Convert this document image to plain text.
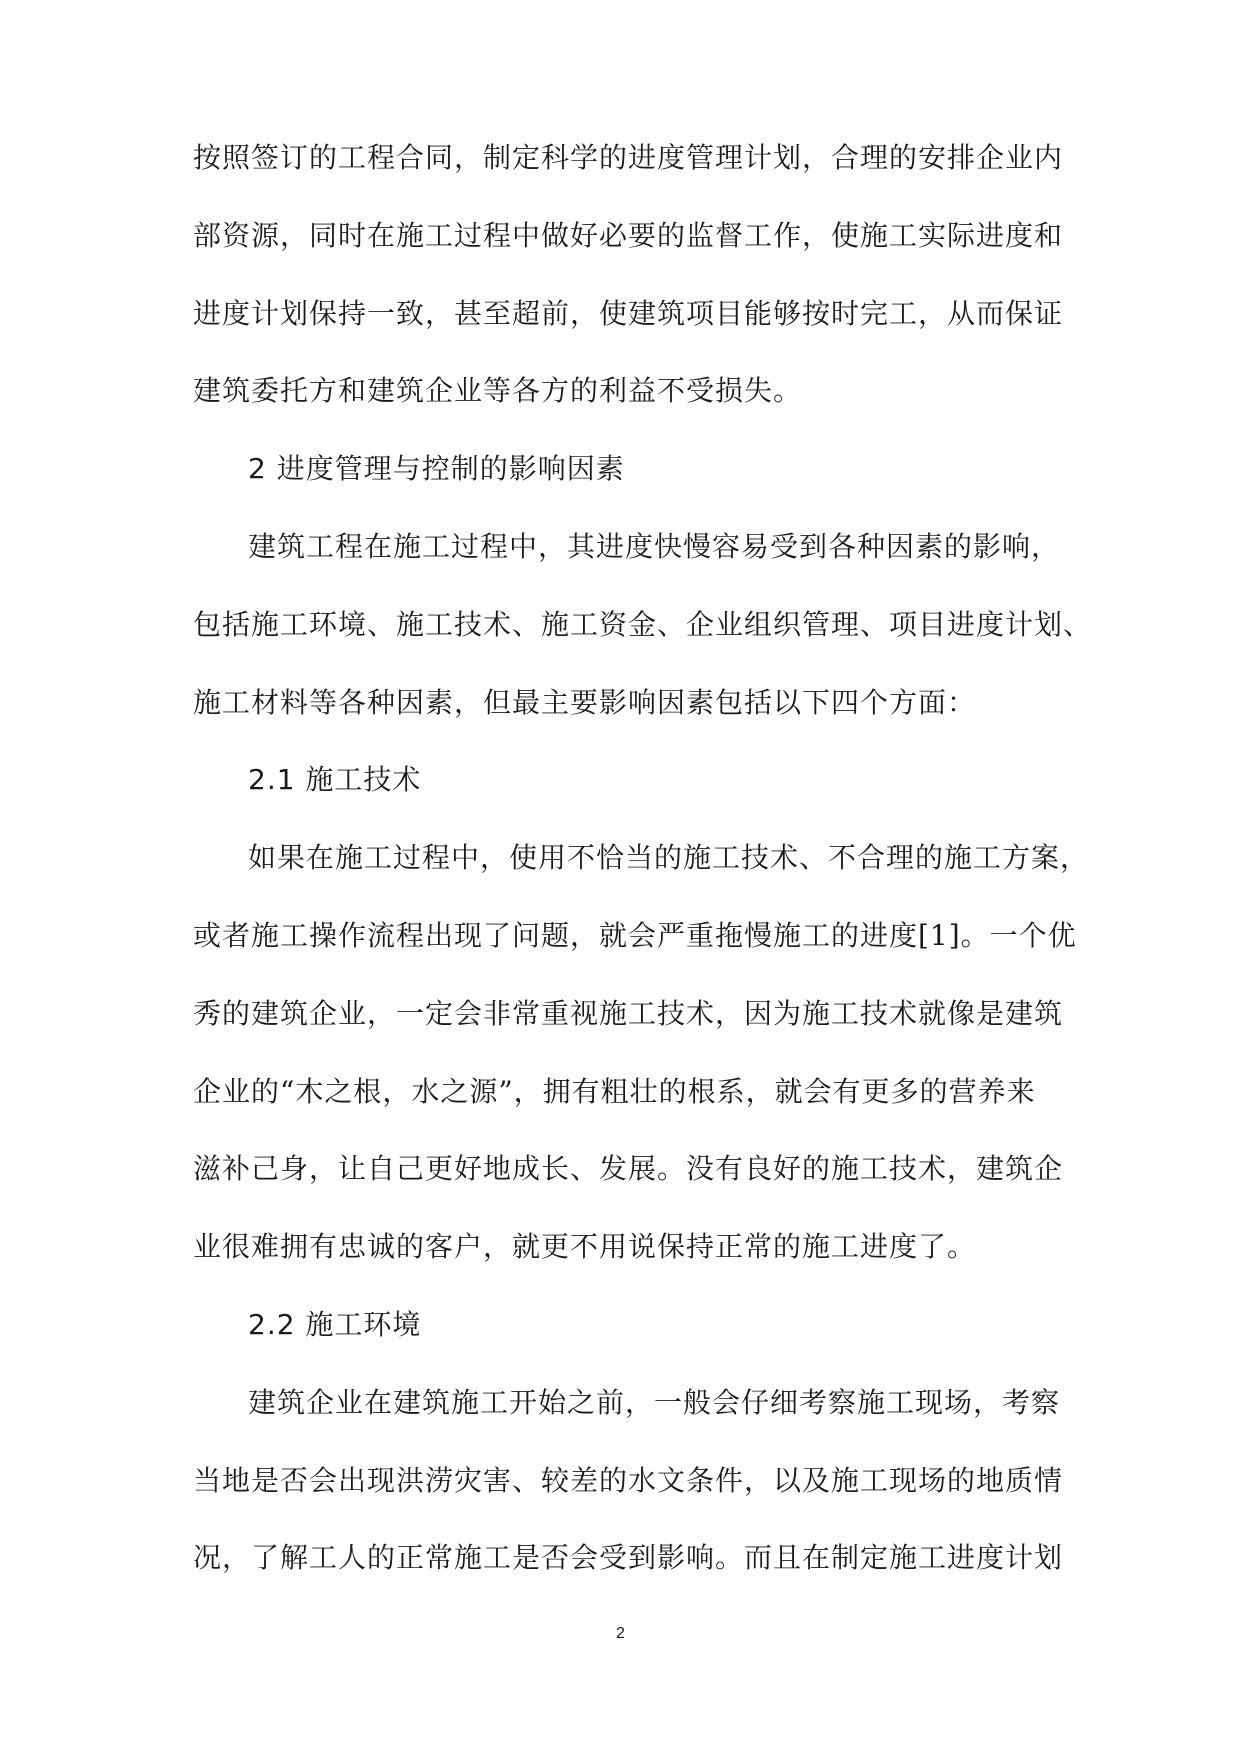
按照签订的工程合同，制定科学的进度管理计划，合理的安排企业内
部资源，同时在施工过程中做好必要的监督工作，使施工实际进度和
进度计划保持一致，甚至超前，使建筑项目能够按时完工，从而保证
建筑委托方和建筑企业等各方的利益不受损失。
2 进度管理与控制的影响因素
建筑工程在施工过程中，其进度快慢容易受到各种因素的影响，
包括施工环境、施工技术、施工资金、企业组织管理、项目进度计划、
施工材料等各种因素，但最主要影响因素包括以下四个方面：
2.1 施工技术
如果在施工过程中，使用不恰当的施工技术、不合理的施工方案，
或者施工操作流程出现了问题，就会严重拖慢施工的进度[1]。一个优
秀的建筑企业，一定会非常重视施工技术，因为施工技术就像是建筑
企业的“木之根，水之源”，拥有粗壮的根系，就会有更多的营养来
滋补己身，让自己更好地成长、发展。没有良好的施工技术，建筑企
业很难拥有忠诚的客户，就更不用说保持正常的施工进度了。
2.2 施工环境
建筑企业在建筑施工开始之前，一般会仔细考察施工现场，考察
当地是否会出现洪涝灾害、较差的水文条件，以及施工现场的地质情
况，了解工人的正常施工是否会受到影响。而且在制定施工进度计划
2
